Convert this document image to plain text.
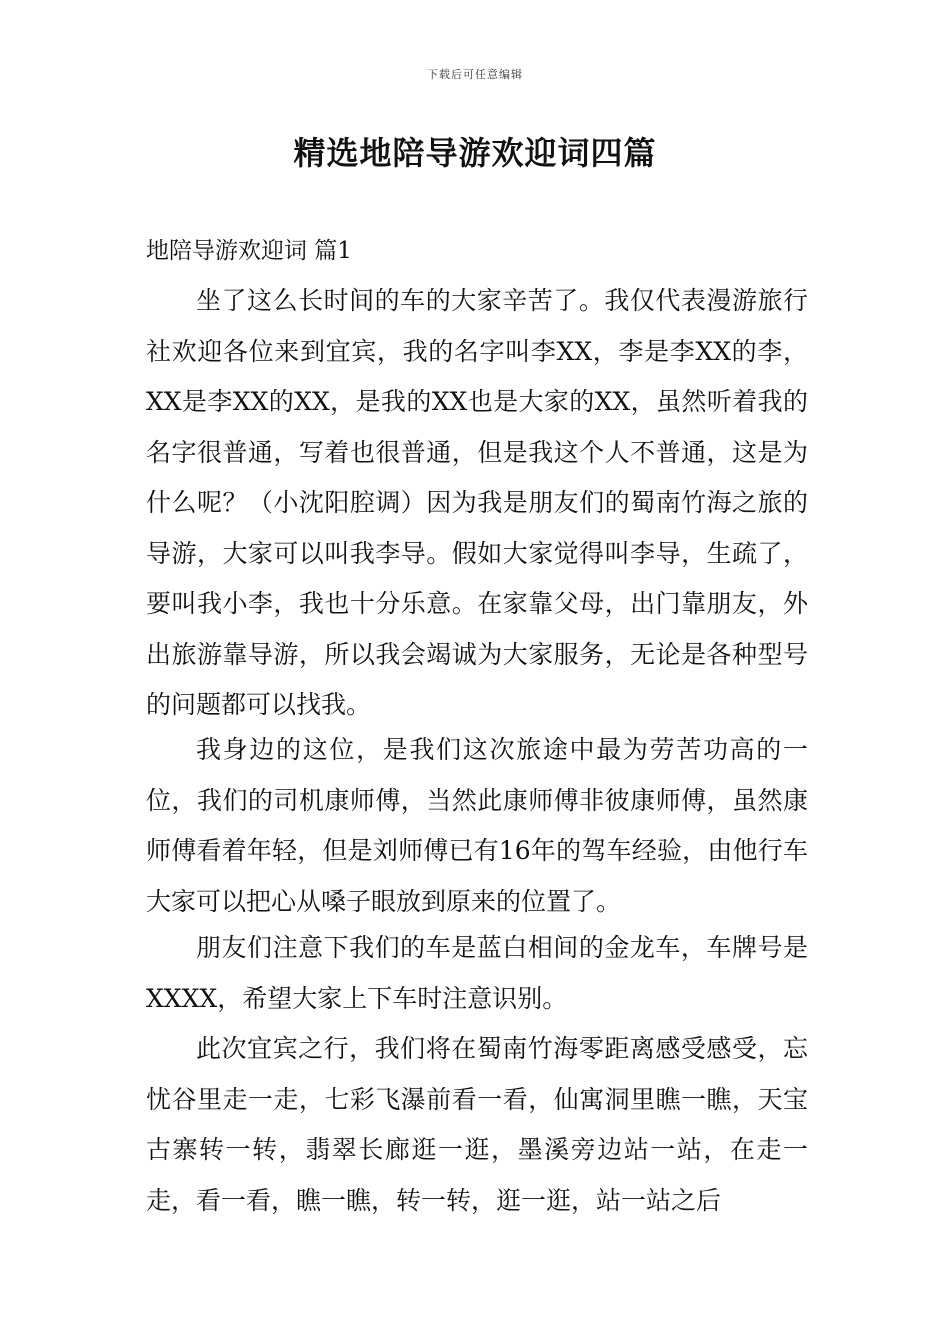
下载后可任意编辑
精选地陪导游欢迎词四篇
地陪导游欢迎词 篇1

坐了这么长时间的车的大家辛苦了。我仅代表漫游旅行社欢迎各位来到宜宾，我的名字叫李XX，李是李XX的李，XX是李XX的XX，是我的XX也是大家的XX，虽然听着我的名字很普通，写着也很普通，但是我这个人不普通，这是为什么呢？（小沈阳腔调）因为我是朋友们的蜀南竹海之旅的导游，大家可以叫我李导。假如大家觉得叫李导，生疏了，要叫我小李，我也十分乐意。在家靠父母，出门靠朋友，外出旅游靠导游，所以我会竭诚为大家服务，无论是各种型号的问题都可以找我。

我身边的这位，是我们这次旅途中最为劳苦功高的一位，我们的司机康师傅，当然此康师傅非彼康师傅，虽然康师傅看着年轻，但是刘师傅已有16年的驾车经验，由他行车大家可以把心从嗓子眼放到原来的位置了。

朋友们注意下我们的车是蓝白相间的金龙车，车牌号是XXXX，希望大家上下车时注意识别。

此次宜宾之行，我们将在蜀南竹海零距离感受感受，忘忧谷里走一走，七彩飞瀑前看一看，仙寓洞里瞧一瞧，天宝古寨转一转，翡翠长廊逛一逛，墨溪旁边站一站，在走一走，看一看，瞧一瞧，转一转，逛一逛，站一站之后
